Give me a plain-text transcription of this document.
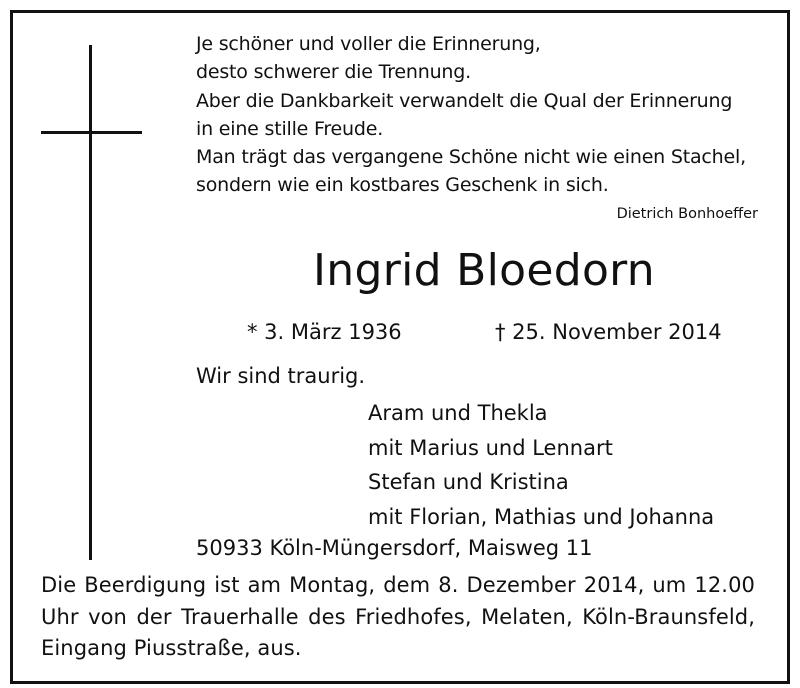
Je schöner und voller die Erinnerung,
desto schwerer die Trennung.
Aber die Dankbarkeit verwandelt die Qual der Erinnerung
in eine stille Freude.
Man trägt das vergangene Schöne nicht wie einen Stachel,
sondern wie ein kostbares Geschenk in sich.
Dietrich Bonhoeffer
Ingrid Bloedorn
* 3. März 1936	† 25. November 2014
Wir sind traurig.
Aram und Thekla
mit Marius und Lennart
Stefan und Kristina
mit Florian, Mathias und Johanna
50933 Köln-Müngersdorf, Maisweg 11
Die Beerdigung ist am Montag, dem 8. Dezember 2014, um 12.00 Uhr von der Trauerhalle des Friedhofes, Melaten, Köln-Braunsfeld, Eingang Piusstraße, aus.
